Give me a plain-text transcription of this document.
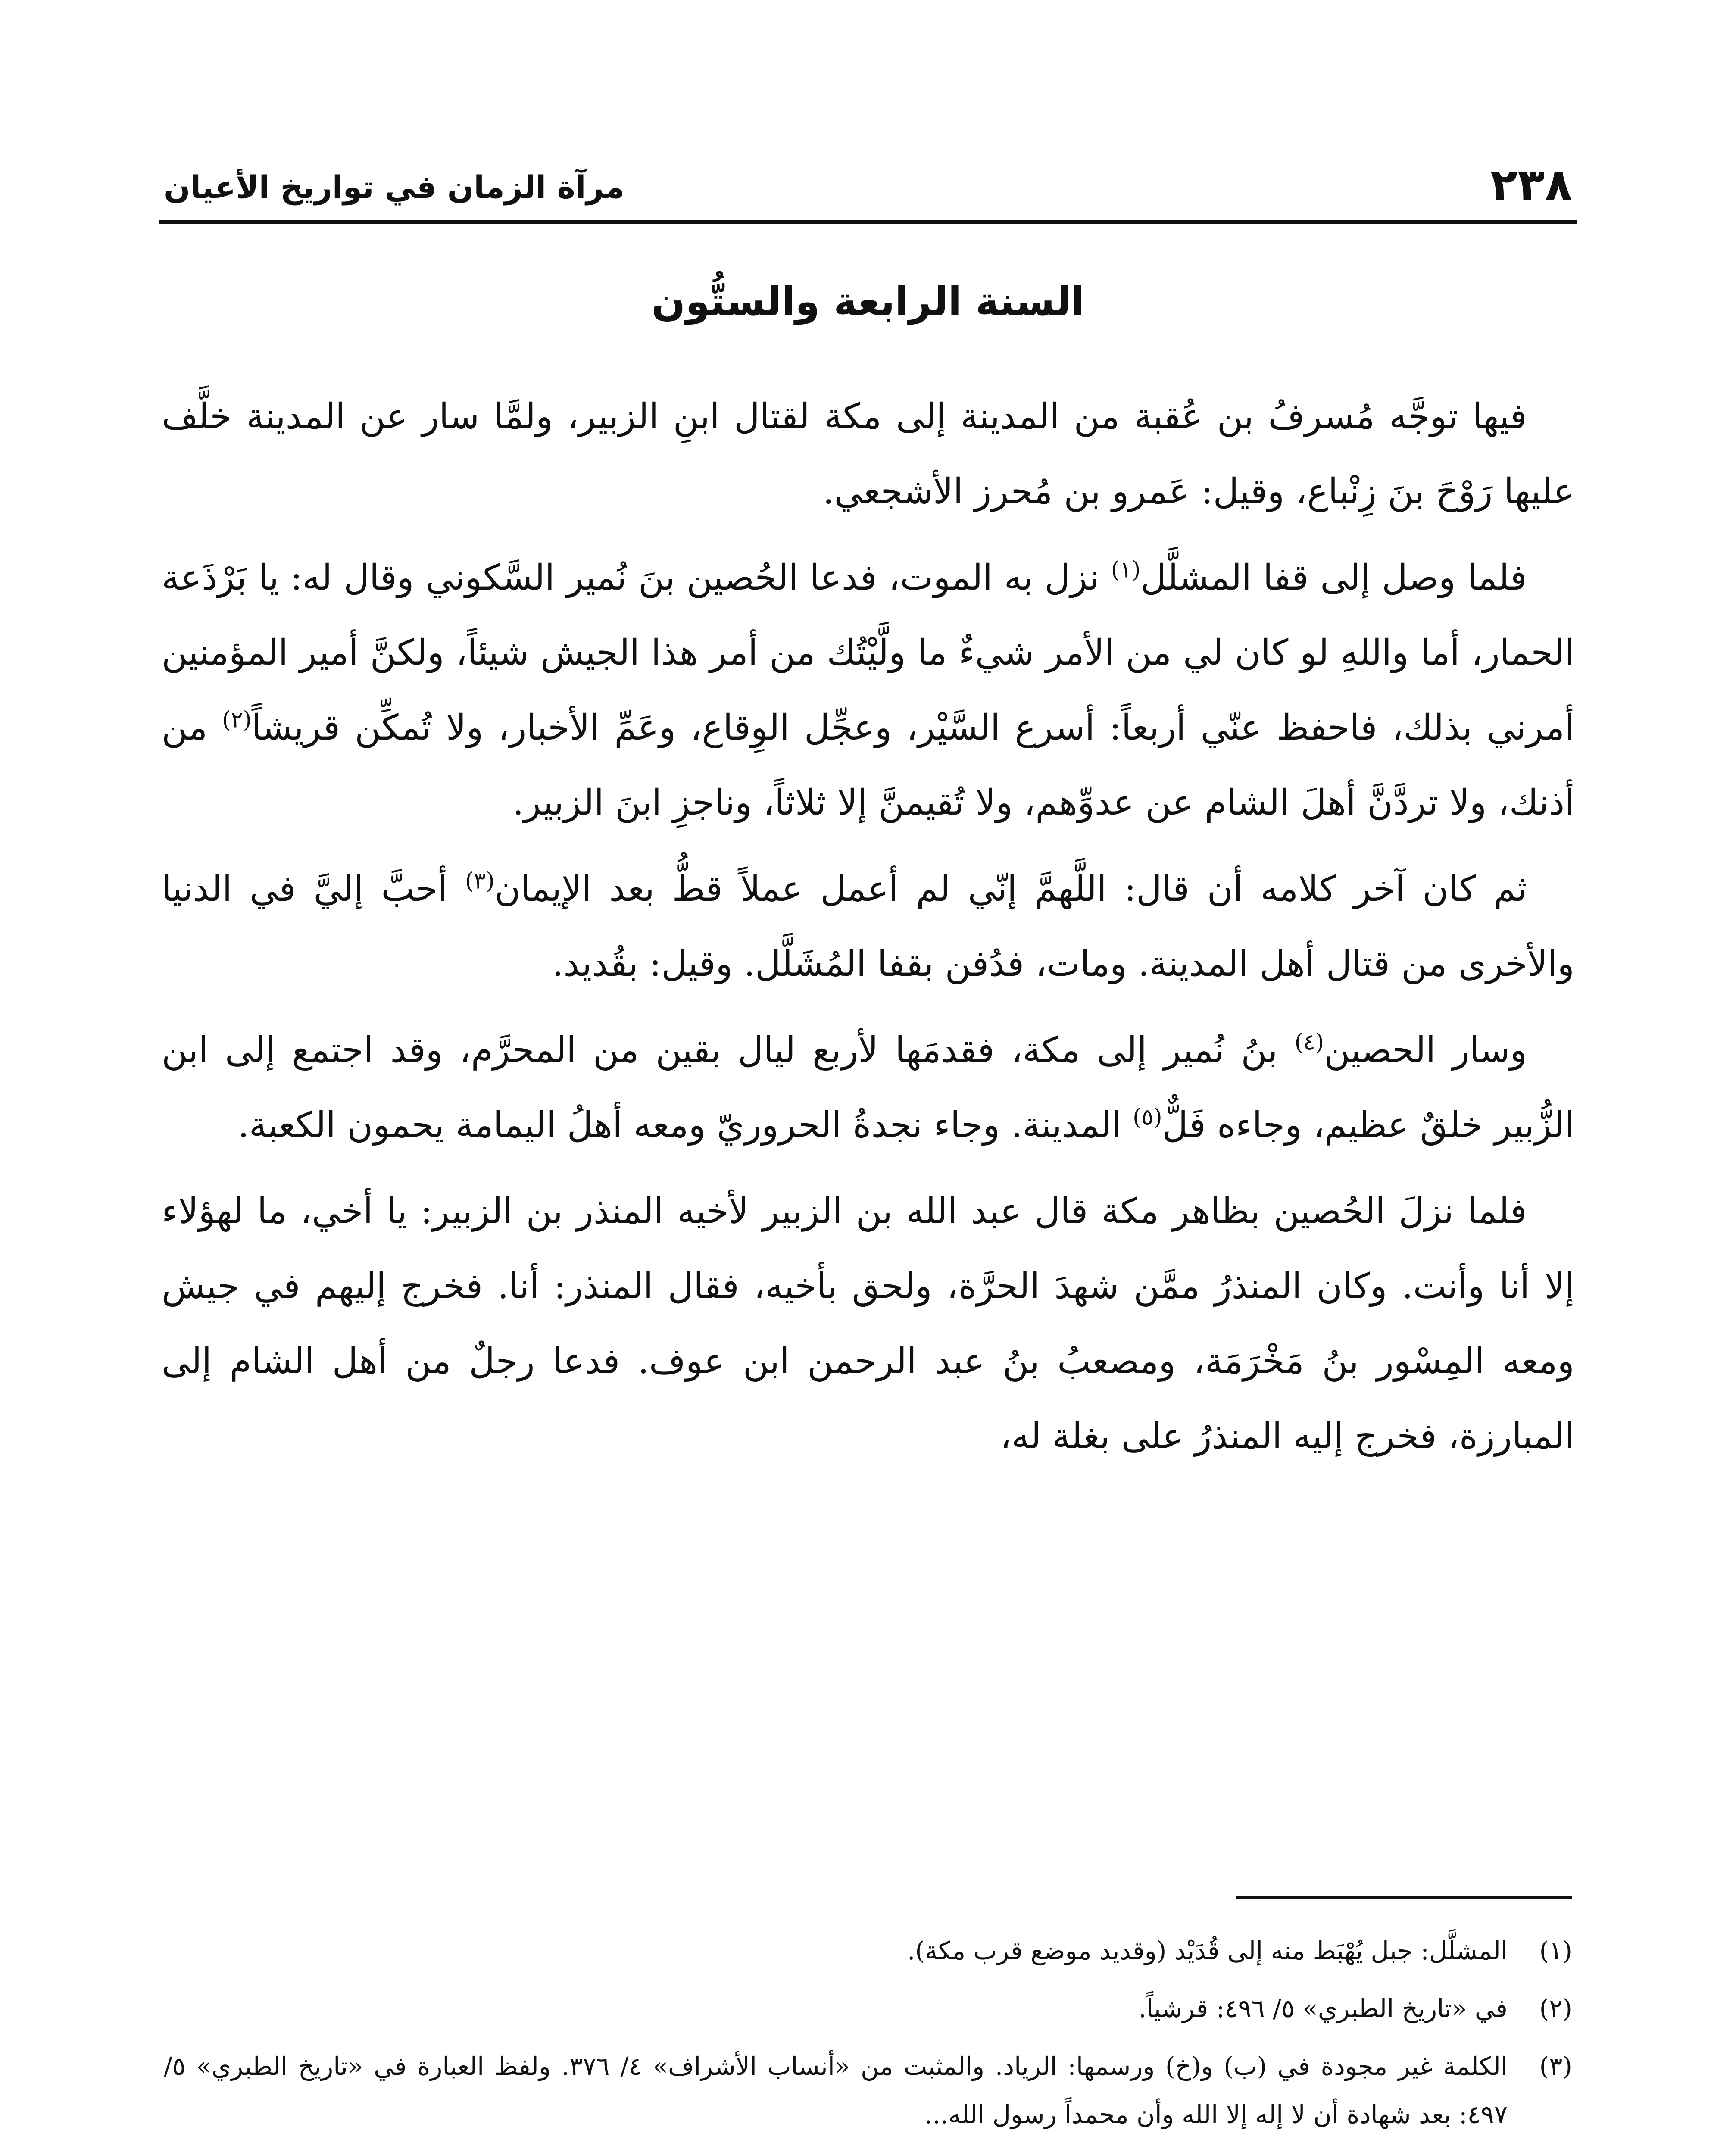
٢٣٨
مرآة الزمان في تواريخ الأعيان
السنة الرابعة والستُّون

فيها توجَّه مُسرفُ بن عُقبة من المدينة إلى مكة لقتال ابنِ الزبير، ولمَّا سار عن المدينة خلَّف عليها رَوْحَ بنَ زِنْباع، وقيل: عَمرو بن مُحرز الأشجعي.

فلما وصل إلى قفا المشلَّل$^{(١)}$ نزل به الموت، فدعا الحُصين بنَ نُمير السَّكوني وقال له: يا بَرْذَعة الحمار، أما واللهِ لو كان لي من الأمر شيءٌ ما ولَّيْتُك من أمر هذا الجيش شيئاً، ولكنَّ أمير المؤمنين أمرني بذلك، فاحفظ عنّي أربعاً: أسرع السَّيْر، وعجِّل الوِقاع، وعَمِّ الأخبار، ولا تُمكِّن قريشاً$^{(٢)}$ من أذنك، ولا تردَّنَّ أهلَ الشام عن عدوِّهم، ولا تُقيمنَّ إلا ثلاثاً، وناجزِ ابنَ الزبير.

ثم كان آخر كلامه أن قال: اللَّهمَّ إنّي لم أعمل عملاً قطُّ بعد الإيمان$^{(٣)}$ أحبَّ إليَّ في الدنيا والأخرى من قتال أهل المدينة. ومات، فدُفن بقفا المُشَلَّل. وقيل: بقُديد.

وسار الحصين$^{(٤)}$ بنُ نُمير إلى مكة، فقدمَها لأربع ليال بقين من المحرَّم، وقد اجتمع إلى ابن الزُّبير خلقٌ عظيم، وجاءه فَلٌّ$^{(٥)}$ المدينة. وجاء نجدةُ الحروريّ ومعه أهلُ اليمامة يحمون الكعبة.

فلما نزلَ الحُصين بظاهر مكة قال عبد الله بن الزبير لأخيه المنذر بن الزبير: يا أخي، ما لهؤلاء إلا أنا وأنت. وكان المنذرُ ممَّن شهدَ الحرَّة، ولحق بأخيه، فقال المنذر: أنا. فخرج إليهم في جيش ومعه المِسْور بنُ مَخْرَمَة، ومصعبُ بنُ عبد الرحمن ابن عوف. فدعا رجلٌ من أهل الشام إلى المبارزة، فخرج إليه المنذرُ على بغلة له،

(١)
المشلَّل: جبل يُهْبَط منه إلى قُدَيْد (وقديد موضع قرب مكة).
(٢)
في «تاريخ الطبري» ٥/ ٤٩٦: قرشياً.
(٣)
الكلمة غير مجودة في (ب) و(خ) ورسمها: الرياد. والمثبت من «أنساب الأشراف» ٤/ ٣٧٦. ولفظ العبارة في «تاريخ الطبري» ٥/ ٤٩٧: بعد شهادة أن لا إله إلا الله وأن محمداً رسول الله...
